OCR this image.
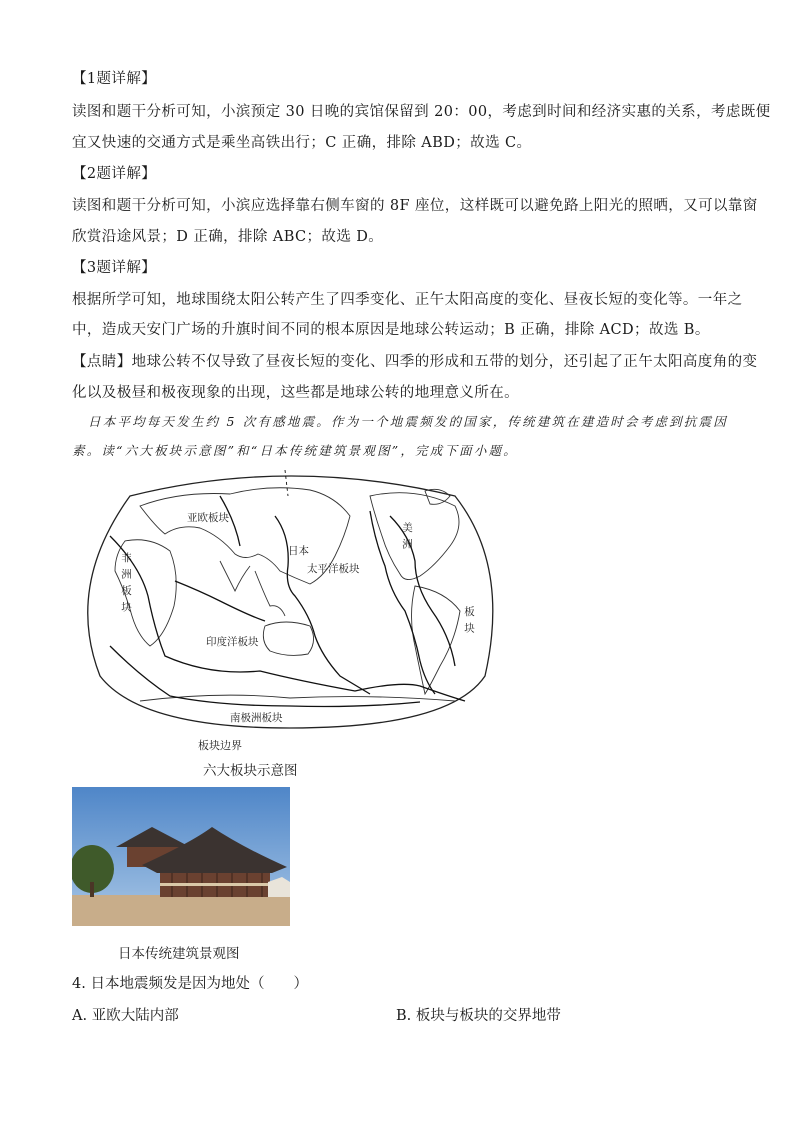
【1题详解】
读图和题干分析可知，小滨预定 30 日晚的宾馆保留到 20：00，考虑到时间和经济实惠的关系，考虑既便
宜又快速的交通方式是乘坐高铁出行；C 正确，排除 ABD；故选 C。
【2题详解】
读图和题干分析可知，小滨应选择靠右侧车窗的 8F 座位，这样既可以避免路上阳光的照晒，又可以靠窗
欣赏沿途风景；D 正确，排除 ABC；故选 D。
【3题详解】
根据所学可知，地球围绕太阳公转产生了四季变化、正午太阳高度的变化、昼夜长短的变化等。一年之
中，造成天安门广场的升旗时间不同的根本原因是地球公转运动；B 正确，排除 ACD；故选 B。
【点睛】地球公转不仅导致了昼夜长短的变化、四季的形成和五带的划分，还引起了正午太阳高度角的变
化以及极昼和极夜现象的出现，这些都是地球公转的地理意义所在。
日本平均每天发生约 5 次有感地震。作为一个地震频发的国家，传统建筑在建造时会考虑到抗震因
素。读“六大板块示意图”和“日本传统建筑景观图”，完成下面小题。
亚欧板块
日本
太平洋板块
非洲板块
印度洋板块
美洲
板块
南极洲板块
板块边界
六大板块示意图
日本传统建筑景观图
4. 日本地震频发是因为地处（　　）
A. 亚欧大陆内部	B. 板块与板块的交界地带
